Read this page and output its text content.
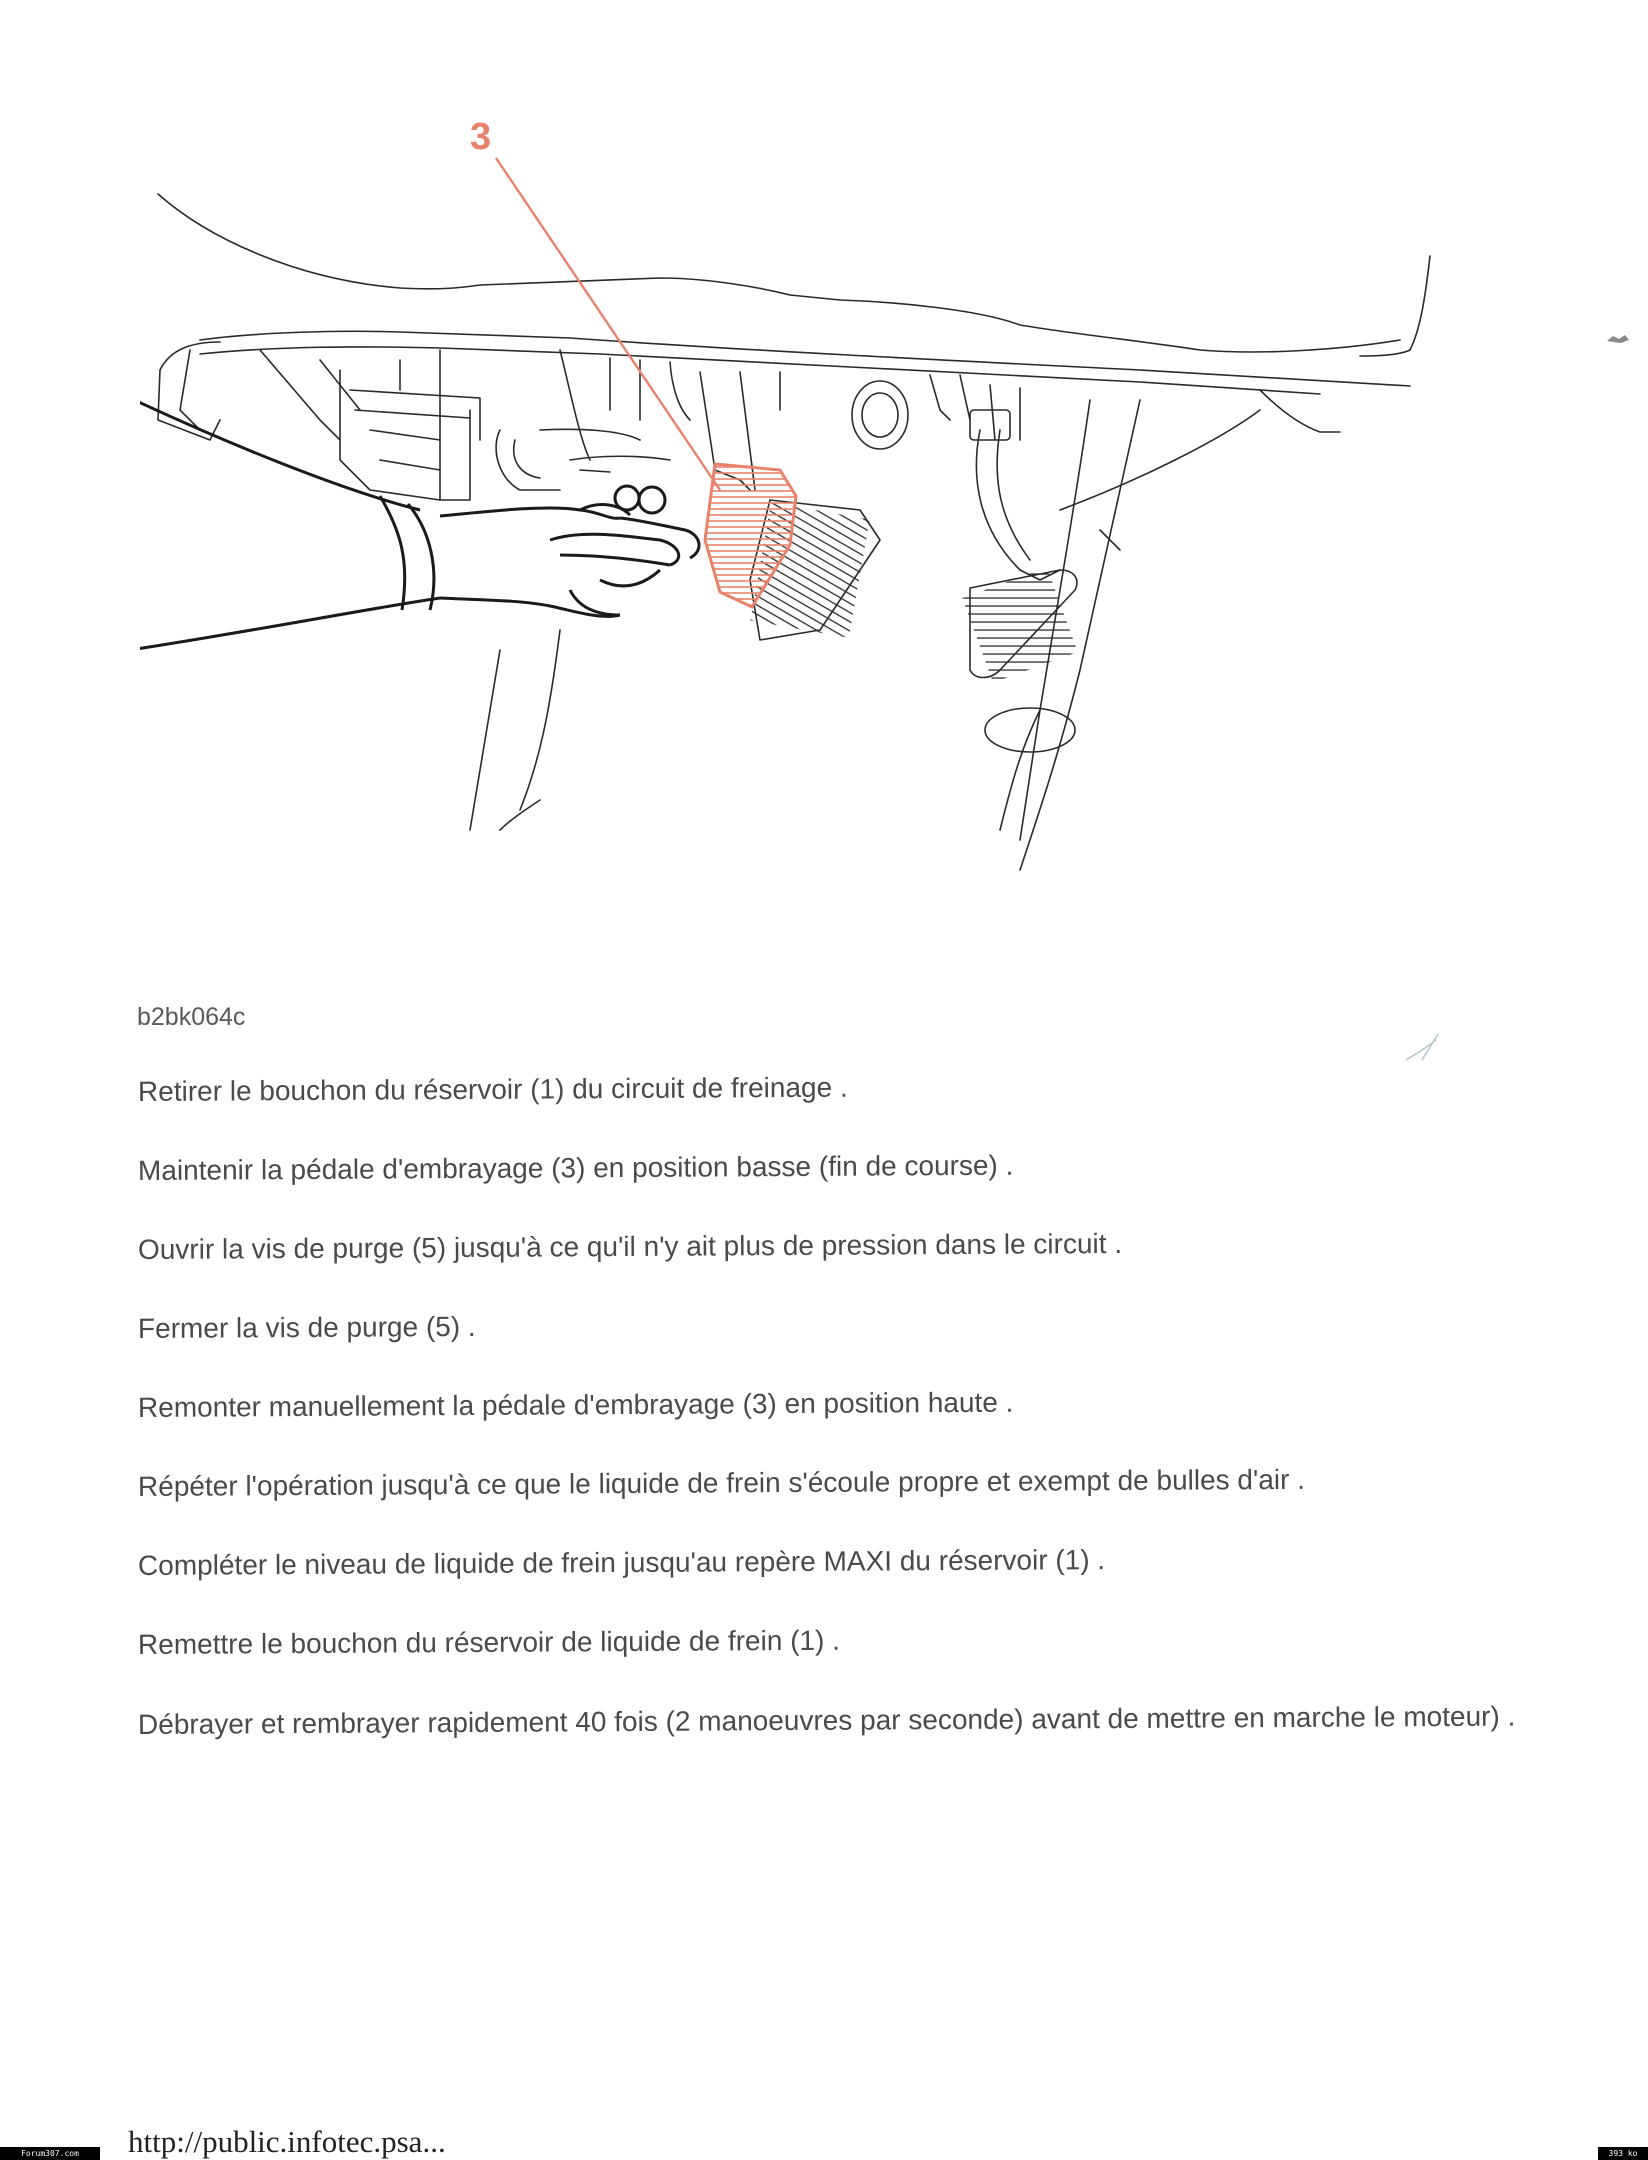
3
b2bk064c
Retirer le bouchon du réservoir (1) du circuit de freinage .
Maintenir la pédale d'embrayage (3) en position basse (fin de course) .
Ouvrir la vis de purge (5) jusqu'à ce qu'il n'y ait plus de pression dans le circuit .
Fermer la vis de purge (5) .
Remonter manuellement la pédale d'embrayage (3) en position haute .
Répéter l'opération jusqu'à ce que le liquide de frein s'écoule propre et exempt de bulles d'air .
Compléter le niveau de liquide de frein jusqu'au repère MAXI du réservoir (1) .
Remettre le bouchon du réservoir de liquide de frein (1) .
Débrayer et rembrayer rapidement 40 fois (2 manoeuvres par seconde) avant de mettre en marche le moteur) .
http://public.infotec.psa...
Forum307.com	393 ko
